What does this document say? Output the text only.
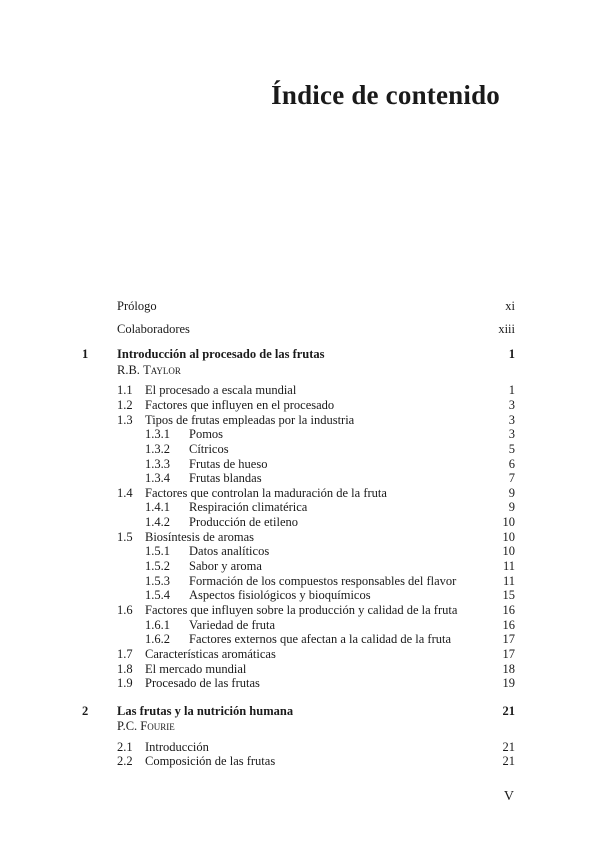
Índice de contenido
Prólogo	xi
Colaboradores	xiii
1 Introducción al procesado de las frutas	1
R.B. Taylor
1.1 El procesado a escala mundial	1
1.2 Factores que influyen en el procesado	3
1.3 Tipos de frutas empleadas por la industria	3
1.3.1 Pomos	3
1.3.2 Cítricos	5
1.3.3 Frutas de hueso	6
1.3.4 Frutas blandas	7
1.4 Factores que controlan la maduración de la fruta	9
1.4.1 Respiración climatérica	9
1.4.2 Producción de etileno	10
1.5 Biosíntesis de aromas	10
1.5.1 Datos analíticos	10
1.5.2 Sabor y aroma	11
1.5.3 Formación de los compuestos responsables del flavor	11
1.5.4 Aspectos fisiológicos y bioquímicos	15
1.6 Factores que influyen sobre la producción y calidad de la fruta	16
1.6.1 Variedad de fruta	16
1.6.2 Factores externos que afectan a la calidad de la fruta	17
1.7 Características aromáticas	17
1.8 El mercado mundial	18
1.9 Procesado de las frutas	19
2 Las frutas y la nutrición humana	21
P.C. Fourie
2.1 Introducción	21
2.2 Composición de las frutas	21
V
